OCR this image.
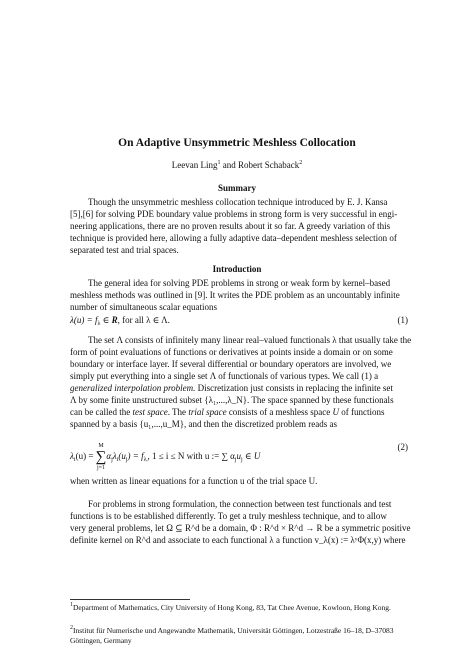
On Adaptive Unsymmetric Meshless Collocation
Leevan Ling$^1$ and Robert Schaback$^2$
Summary
Though the unsymmetric meshless collocation technique introduced by E. J. Kansa
[5],[6] for solving PDE boundary value problems in strong form is very successful in engi-
neering applications, there are no proven results about it so far. A greedy variation of this
technique is provided here, allowing a fully adaptive data–dependent meshless selection of
separated test and trial spaces.
Introduction
The general idea for solving PDE problems in strong or weak form by kernel–based
meshless methods was outlined in [9]. It writes the PDE problem as an uncountably infinite
number of simultaneous scalar equations
$\lambda(u) = f_\lambda$ ∈ R, for all λ ∈ Λ.	(1)
The set Λ consists of infinitely many linear real–valued functionals λ that usually take the
form of point evaluations of functions or derivatives at points inside a domain or on some
boundary or interface layer. If several differential or boundary operators are involved, we
simply put everything into a single set Λ of functionals of various types. We call (1) a
generalized interpolation problem. Discretization just consists in replacing the infinite set
Λ by some finite unstructured subset {λ₁,...,λ_N}. The space spanned by these functionals
can be called the test space. The trial space consists of a meshless space U of functions
spanned by a basis {u₁,...,u_M}, and then the discretized problem reads as
$\lambda_i(u)$ =
M
∑
j=1
$\alpha_j\lambda_i(u_j) = f_{\lambda ᵢ}$, 1 ≤ i ≤ N with u := ∑ $\alpha_ju_j$ ∈ U
(2)
when written as linear equations for a function u of the trial space U.
For problems in strong formulation, the connection between test functionals and test
functions is to be established differently. To get a truly meshless technique, and to allow
very general problems, let Ω ⊆ R^d be a domain, Φ : R^d × R^d → R be a symmetric positive
definite kernel on R^d and associate to each functional λ a function v_λ(x) := λʸΦ(x,y) where
$^1$Department of Mathematics, City University of Hong Kong, 83, Tat Chee Avenue, Kowloon, Hong Kong.
$^2$Institut für Numerische und Angewandte Mathematik, Universität Göttingen, Lotzestraße 16–18, D–37083 Göttingen, Germany
